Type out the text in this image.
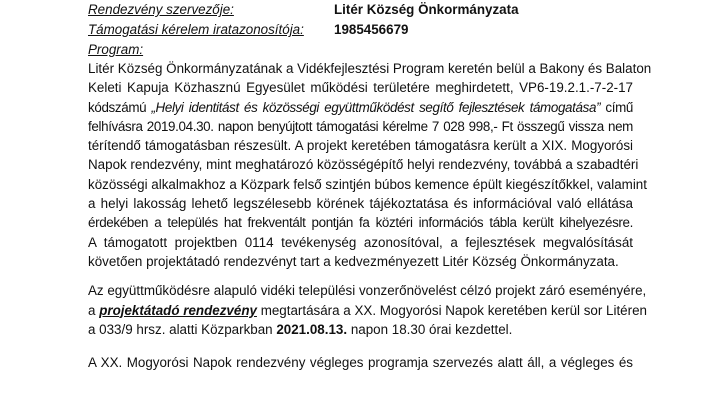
Rendezvény szervezője:	Litér Község Önkormányzata
Támogatási kérelem iratazonosítója:	1985456679
Program:

Litér Község Önkormányzatának a Vidékfejlesztési Program keretén belül a Bakony és Balaton

Keleti Kapuja Közhasznú Egyesület működési területére meghirdetett, VP6-19.2.1.-7-2-17

kódszámú „Helyi identitást és közösségi együttműködést segítő fejlesztések támogatása” című

felhívásra 2019.04.30. napon benyújtott támogatási kérelme 7 028 998,- Ft összegű vissza nem

térítendő támogatásban részesült. A projekt keretében támogatásra került a XIX. Mogyorósi

Napok rendezvény, mint meghatározó közösségépítő helyi rendezvény, továbbá a szabadtéri

közösségi alkalmakhoz a Közpark felső szintjén búbos kemence épült kiegészítőkkel, valamint

a helyi lakosság lehető legszélesebb körének tájékoztatása és információval való ellátása

érdekében a település hat frekventált pontján fa köztéri információs tábla került kihelyezésre.

A támogatott projektben 0114 tevékenység azonosítóval, a fejlesztések megvalósítását

követően projektátadó rendezvényt tart a kedvezményezett Litér Község Önkormányzata.

Az együttműködésre alapuló vidéki települési vonzerőnövelést célzó projekt záró eseményére,

a projektátadó rendezvény megtartására a XX. Mogyorósi Napok keretében kerül sor Litéren

a 033/9 hrsz. alatti Közparkban 2021.08.13. napon 18.30 órai kezdettel.

A XX. Mogyorósi Napok rendezvény végleges programja szervezés alatt áll, a végleges és
